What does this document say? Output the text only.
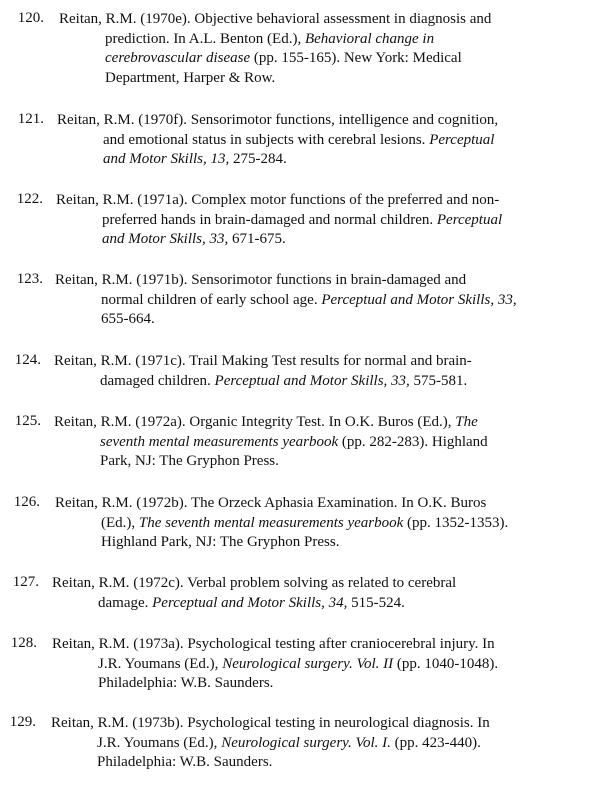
120. Reitan, R.M. (1970e). Objective behavioral assessment in diagnosis and
prediction. In A.L. Benton (Ed.), Behavioral change in
cerebrovascular disease (pp. 155-165). New York: Medical
Department, Harper & Row.
121. Reitan, R.M. (1970f). Sensorimotor functions, intelligence and cognition,
and emotional status in subjects with cerebral lesions. Perceptual
and Motor Skills, 13, 275-284.
122. Reitan, R.M. (1971a). Complex motor functions of the preferred and non-
preferred hands in brain-damaged and normal children. Perceptual
and Motor Skills, 33, 671-675.
123. Reitan, R.M. (1971b). Sensorimotor functions in brain-damaged and
normal children of early school age. Perceptual and Motor Skills, 33,
655-664.
124. Reitan, R.M. (1971c). Trail Making Test results for normal and brain-
damaged children. Perceptual and Motor Skills, 33, 575-581.
125. Reitan, R.M. (1972a). Organic Integrity Test. In O.K. Buros (Ed.), The
seventh mental measurements yearbook (pp. 282-283). Highland
Park, NJ: The Gryphon Press.
126. Reitan, R.M. (1972b). The Orzeck Aphasia Examination. In O.K. Buros
(Ed.), The seventh mental measurements yearbook (pp. 1352-1353).
Highland Park, NJ: The Gryphon Press.
127. Reitan, R.M. (1972c). Verbal problem solving as related to cerebral
damage. Perceptual and Motor Skills, 34, 515-524.
128. Reitan, R.M. (1973a). Psychological testing after craniocerebral injury. In
J.R. Youmans (Ed.), Neurological surgery. Vol. II (pp. 1040-1048).
Philadelphia: W.B. Saunders.
129. Reitan, R.M. (1973b). Psychological testing in neurological diagnosis. In
J.R. Youmans (Ed.), Neurological surgery. Vol. I. (pp. 423-440).
Philadelphia: W.B. Saunders.
